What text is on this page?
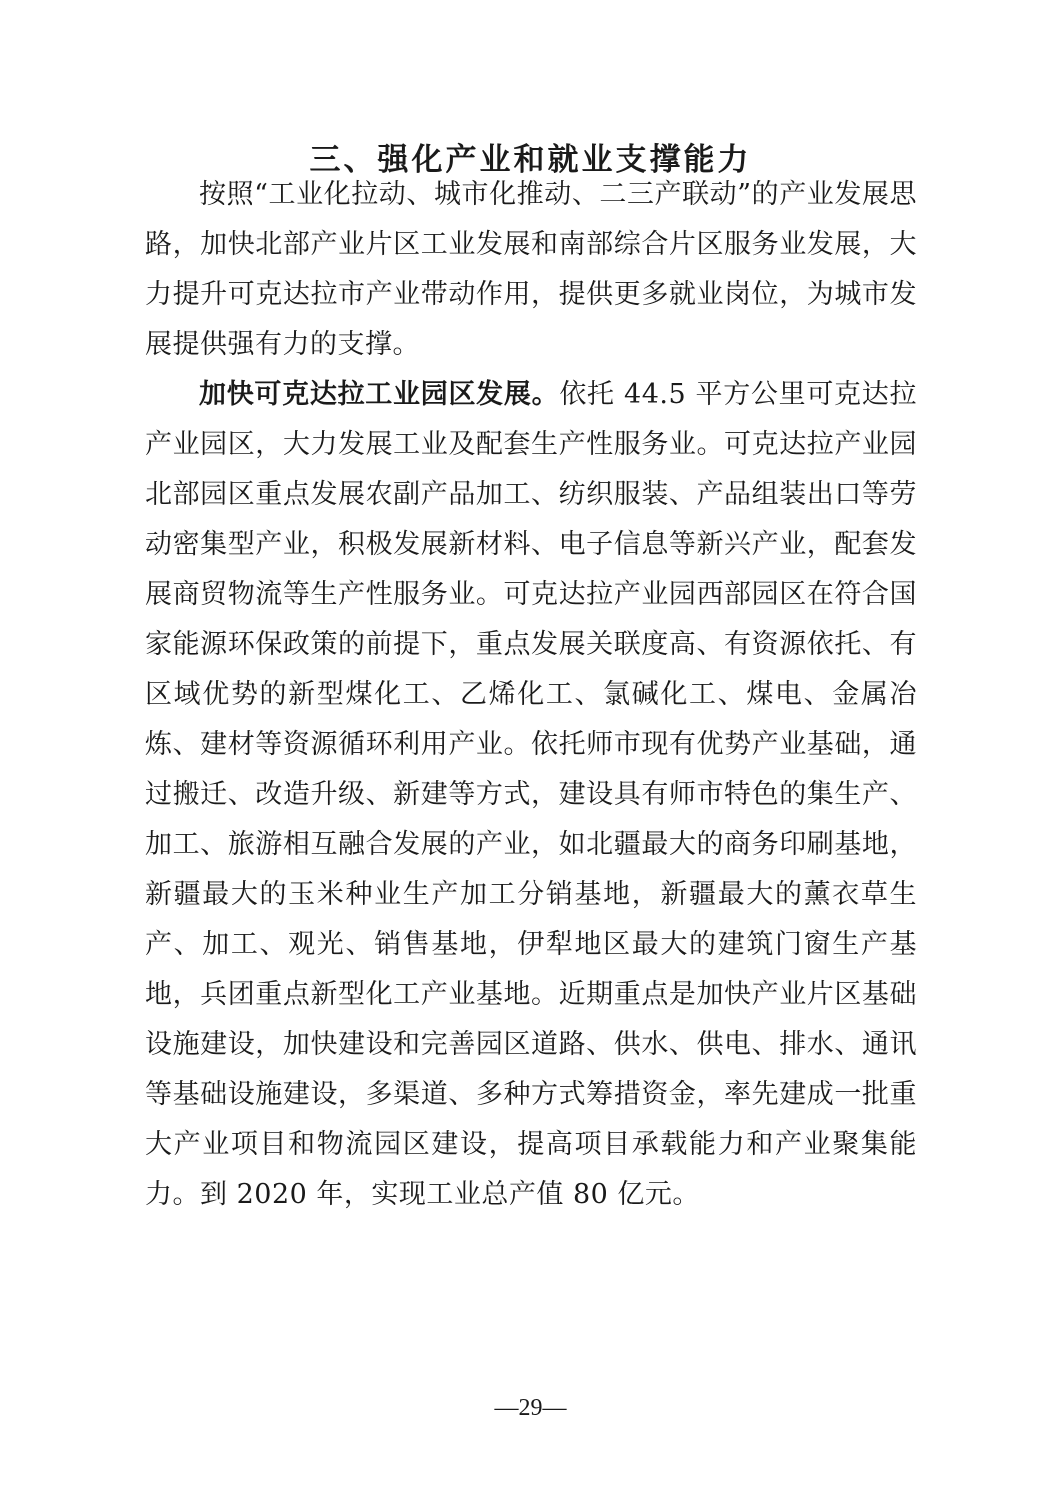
三、强化产业和就业支撑能力

按照“工业化拉动、城市化推动、二三产联动”的产业发展思路，加快北部产业片区工业发展和南部综合片区服务业发展，大力提升可克达拉市产业带动作用，提供更多就业岗位，为城市发展提供强有力的支撑。

加快可克达拉工业园区发展。依托 44.5 平方公里可克达拉产业园区，大力发展工业及配套生产性服务业。可克达拉产业园北部园区重点发展农副产品加工、纺织服装、产品组装出口等劳动密集型产业，积极发展新材料、电子信息等新兴产业，配套发展商贸物流等生产性服务业。可克达拉产业园西部园区在符合国家能源环保政策的前提下，重点发展关联度高、有资源依托、有区域优势的新型煤化工、乙烯化工、氯碱化工、煤电、金属冶炼、建材等资源循环利用产业。依托师市现有优势产业基础，通过搬迁、改造升级、新建等方式，建设具有师市特色的集生产、加工、旅游相互融合发展的产业，如北疆最大的商务印刷基地，新疆最大的玉米种业生产加工分销基地，新疆最大的薰衣草生产、加工、观光、销售基地，伊犁地区最大的建筑门窗生产基地，兵团重点新型化工产业基地。近期重点是加快产业片区基础设施建设，加快建设和完善园区道路、供水、供电、排水、通讯等基础设施建设，多渠道、多种方式筹措资金，率先建成一批重大产业项目和物流园区建设，提高项目承载能力和产业聚集能力。到 2020 年，实现工业总产值 80 亿元。

—29—
